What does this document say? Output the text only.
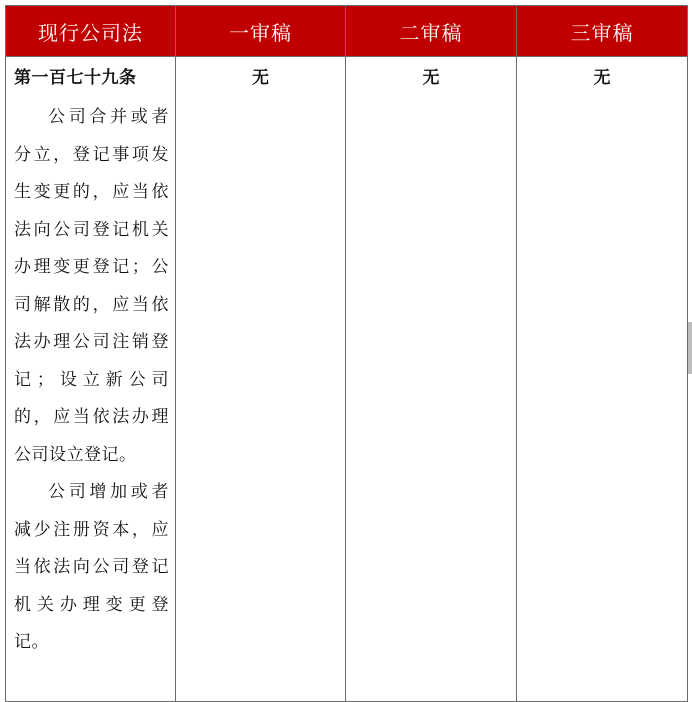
现行公司法	一审稿	二审稿	三审稿

第一百七十九条

公司合并或者分立，登记事项发生变更的，应当依法向公司登记机关办理变更登记；公司解散的，应当依法办理公司注销登记；设立新公司的，应当依法办理公司设立登记。

公司增加或者减少注册资本，应当依法向公司登记机关办理变更登记。	无	无	无
